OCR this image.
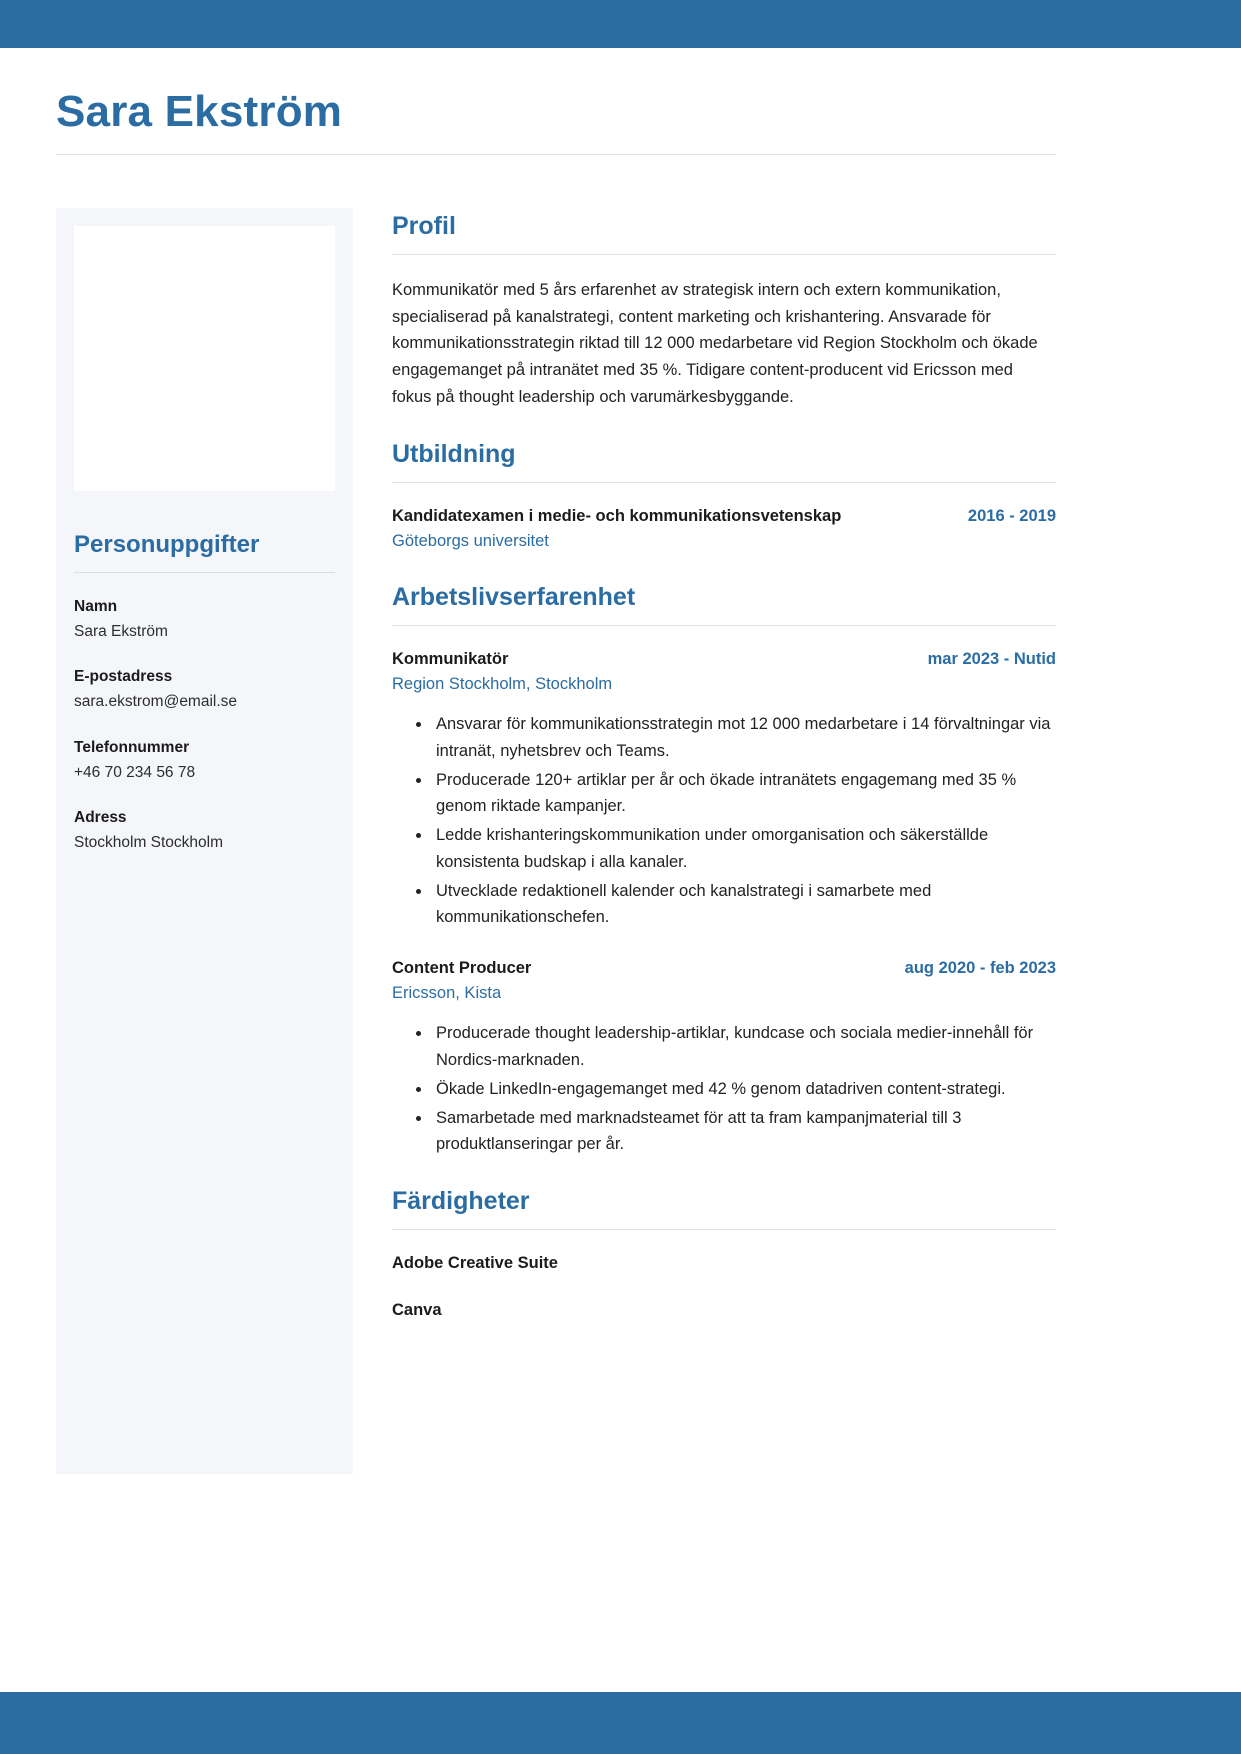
Sara Ekström
Personuppgifter
Namn
Sara Ekström
E-postadress
sara.ekstrom@email.se
Telefonnummer
+46 70 234 56 78
Adress
Stockholm Stockholm
Profil

Kommunikatör med 5 års erfarenhet av strategisk intern och extern kommunikation, specialiserad på kanalstrategi, content marketing och krishantering. Ansvarade för kommunikationsstrategin riktad till 12 000 medarbetare vid Region Stockholm och ökade engagemanget på intranätet med 35 %. Tidigare content-producent vid Ericsson med fokus på thought leadership och varumärkesbyggande.

Utbildning
Kandidatexamen i medie- och kommunikationsvetenskap	2016 - 2019
Göteborgs universitet
Arbetslivserfarenhet
Kommunikatör	mar 2023 - Nutid
Region Stockholm, Stockholm
• Ansvarar för kommunikationsstrategin mot 12 000 medarbetare i 14 förvaltningar via intranät, nyhetsbrev och Teams.
• Producerade 120+ artiklar per år och ökade intranätets engagemang med 35 % genom riktade kampanjer.
• Ledde krishanteringskommunikation under omorganisation och säkerställde konsistenta budskap i alla kanaler.
• Utvecklade redaktionell kalender och kanalstrategi i samarbete med kommunikationschefen.
Content Producer	aug 2020 - feb 2023
Ericsson, Kista
• Producerade thought leadership-artiklar, kundcase och sociala medier-innehåll för Nordics-marknaden.
• Ökade LinkedIn-engagemanget med 42 % genom datadriven content-strategi.
• Samarbetade med marknadsteamet för att ta fram kampanjmaterial till 3 produktlanseringar per år.
Färdigheter
Adobe Creative Suite
Canva
